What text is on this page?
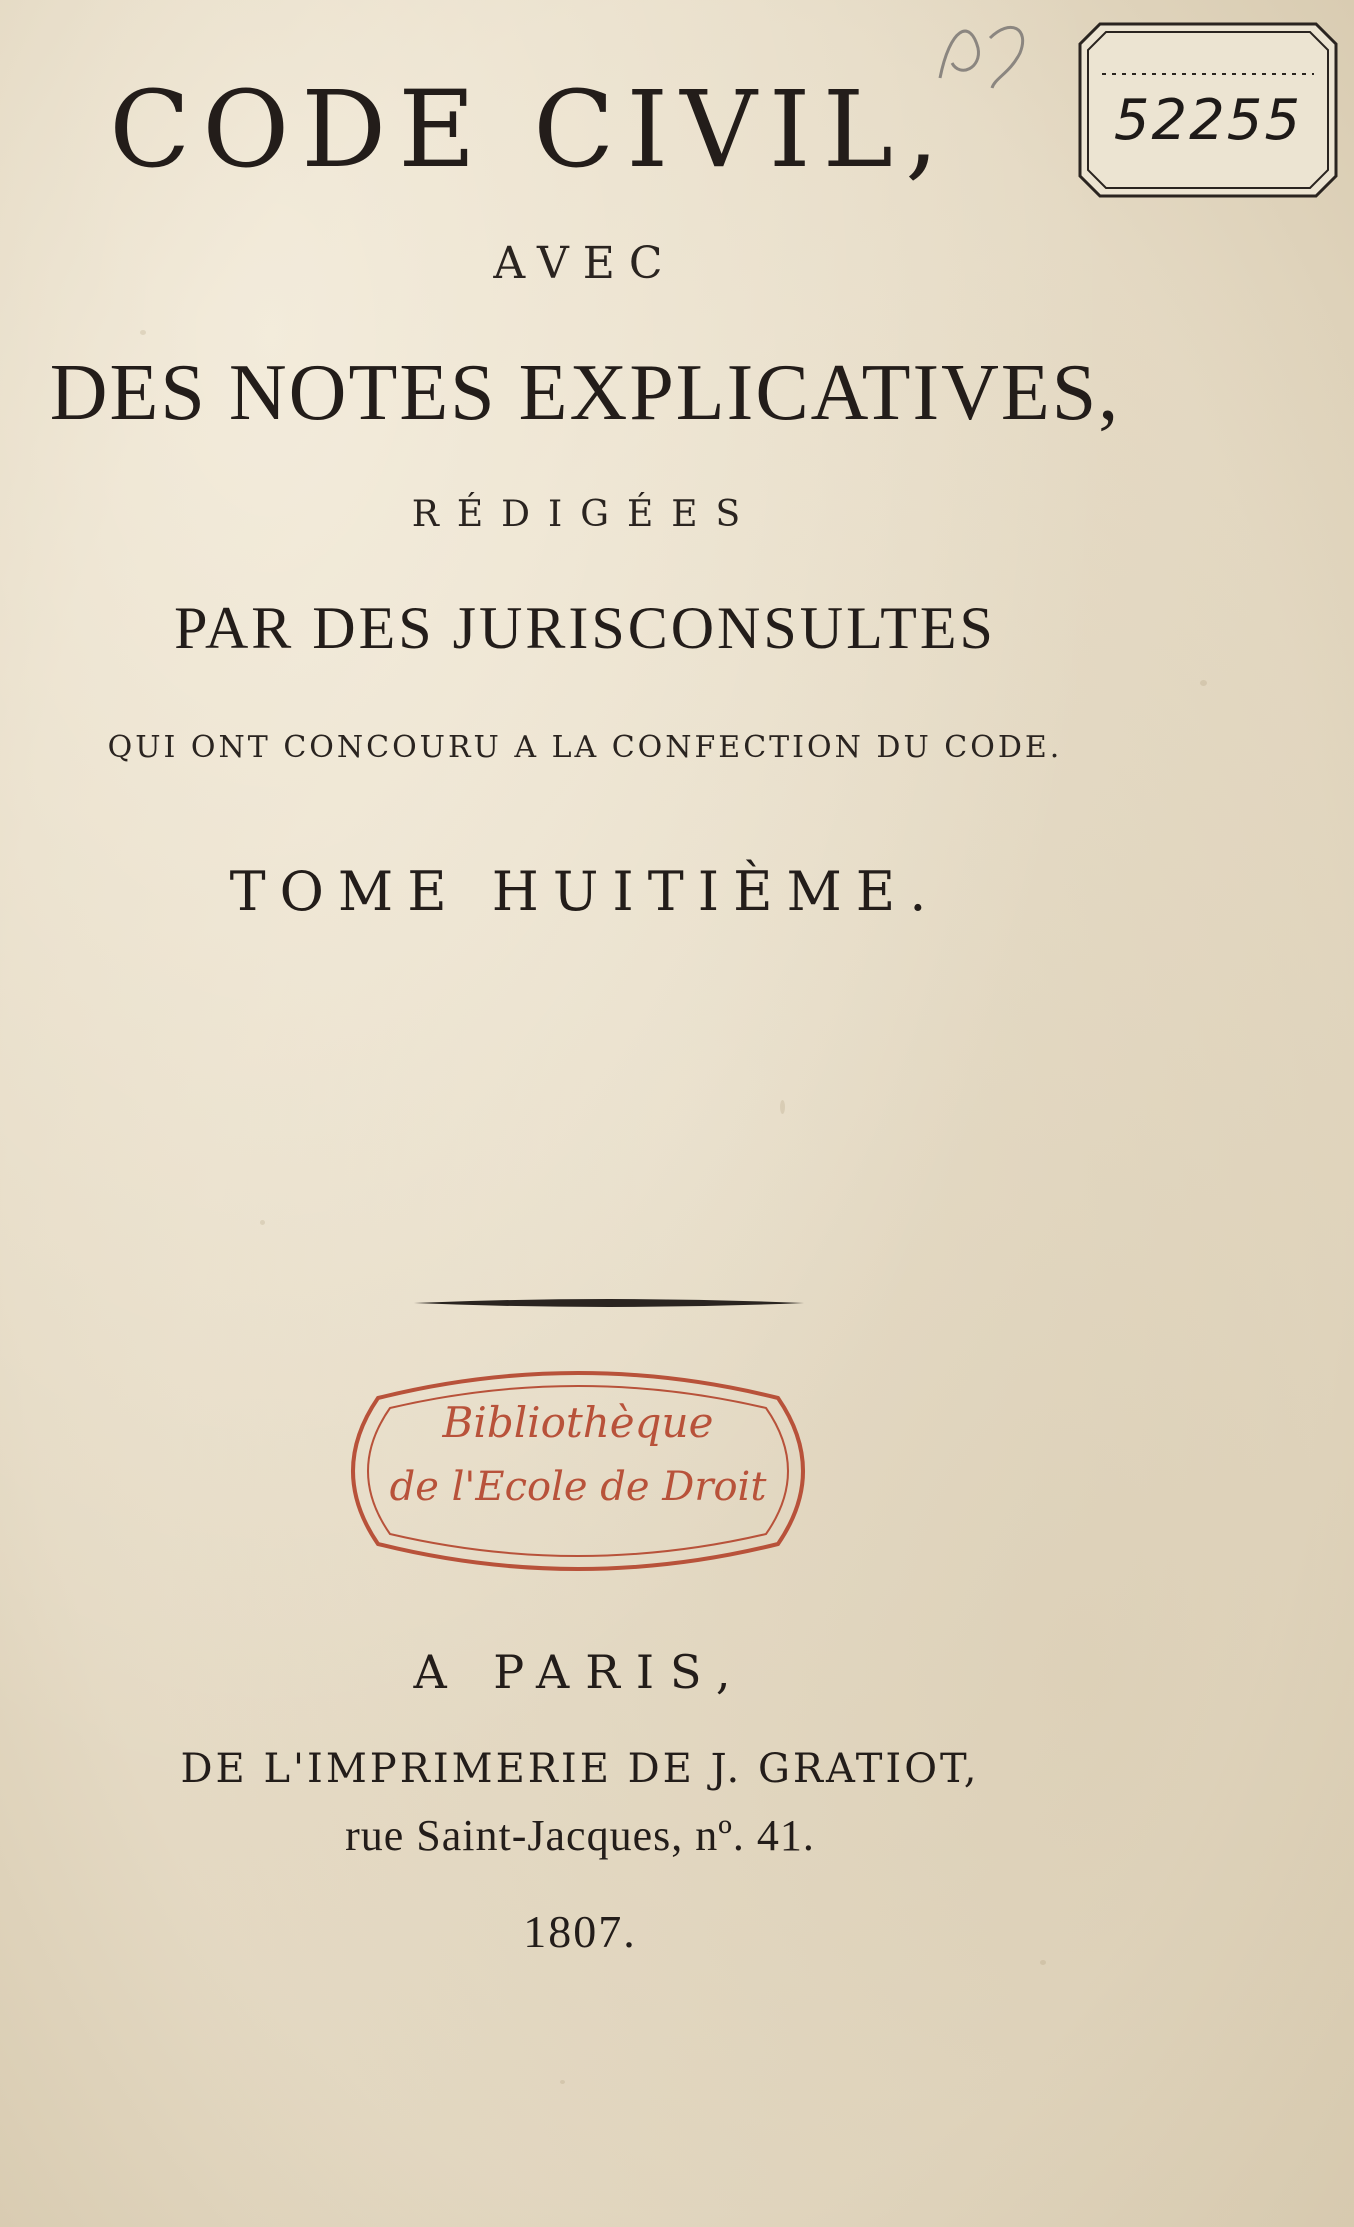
52255

CODE CIVIL,

AVEC

DES NOTES EXPLICATIVES,

RÉDIGÉES

PAR DES JURISCONSULTES

QUI ONT CONCOURU A LA CONFECTION DU CODE.

TOME HUITIÈME.

Bibliothèque
de l'Ecole de Droit

A PARIS,

DE L'IMPRIMERIE DE J. GRATIOT,

rue Saint-Jacques, nº. 41.

1807.
